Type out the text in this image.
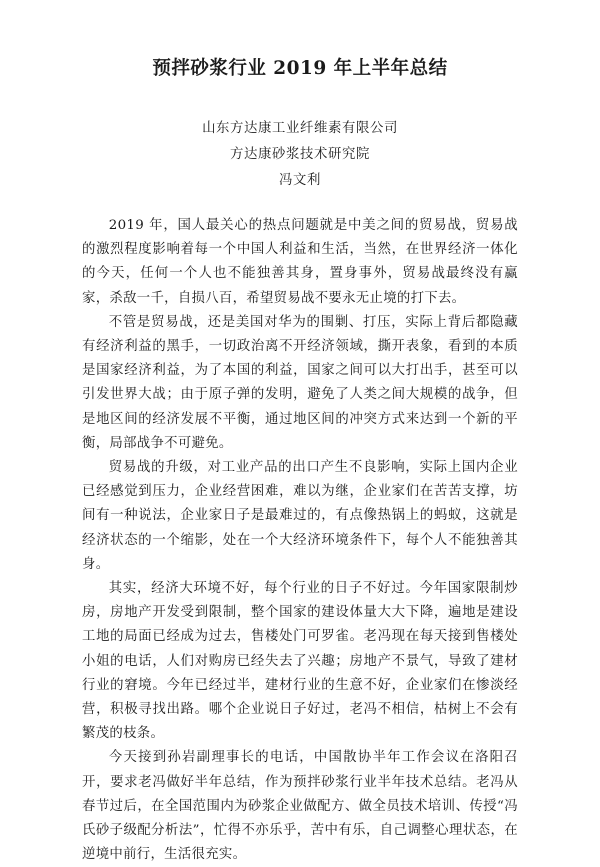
预拌砂浆行业 2019 年上半年总结
山东方达康工业纤维素有限公司
方达康砂浆技术研究院
冯文利

2019 年，国人最关心的热点问题就是中美之间的贸易战，贸易战的激烈程度影响着每一个中国人利益和生活，当然，在世界经济一体化的今天，任何一个人也不能独善其身，置身事外，贸易战最终没有赢家，杀敌一千，自损八百，希望贸易战不要永无止境的打下去。

不管是贸易战，还是美国对华为的围剿、打压，实际上背后都隐藏有经济利益的黑手，一切政治离不开经济领域，撕开表象，看到的本质是国家经济利益，为了本国的利益，国家之间可以大打出手，甚至可以引发世界大战；由于原子弹的发明，避免了人类之间大规模的战争，但是地区间的经济发展不平衡，通过地区间的冲突方式来达到一个新的平衡，局部战争不可避免。

贸易战的升级，对工业产品的出口产生不良影响，实际上国内企业已经感觉到压力，企业经营困难，难以为继，企业家们在苦苦支撑，坊间有一种说法，企业家日子是最难过的，有点像热锅上的蚂蚁，这就是经济状态的一个缩影，处在一个大经济环境条件下，每个人不能独善其身。

其实，经济大环境不好，每个行业的日子不好过。今年国家限制炒房，房地产开发受到限制，整个国家的建设体量大大下降，遍地是建设工地的局面已经成为过去，售楼处门可罗雀。老冯现在每天接到售楼处小姐的电话，人们对购房已经失去了兴趣；房地产不景气，导致了建材行业的窘境。今年已经过半，建材行业的生意不好，企业家们在惨淡经营，积极寻找出路。哪个企业说日子好过，老冯不相信，枯树上不会有繁茂的枝条。

今天接到孙岩副理事长的电话，中国散协半年工作会议在洛阳召开，要求老冯做好半年总结，作为预拌砂浆行业半年技术总结。老冯从春节过后，在全国范围内为砂浆企业做配方、做全员技术培训、传授“冯氏砂子级配分析法”，忙得不亦乐乎，苦中有乐，自己调整心理状态，在逆境中前行，生活很充实。
